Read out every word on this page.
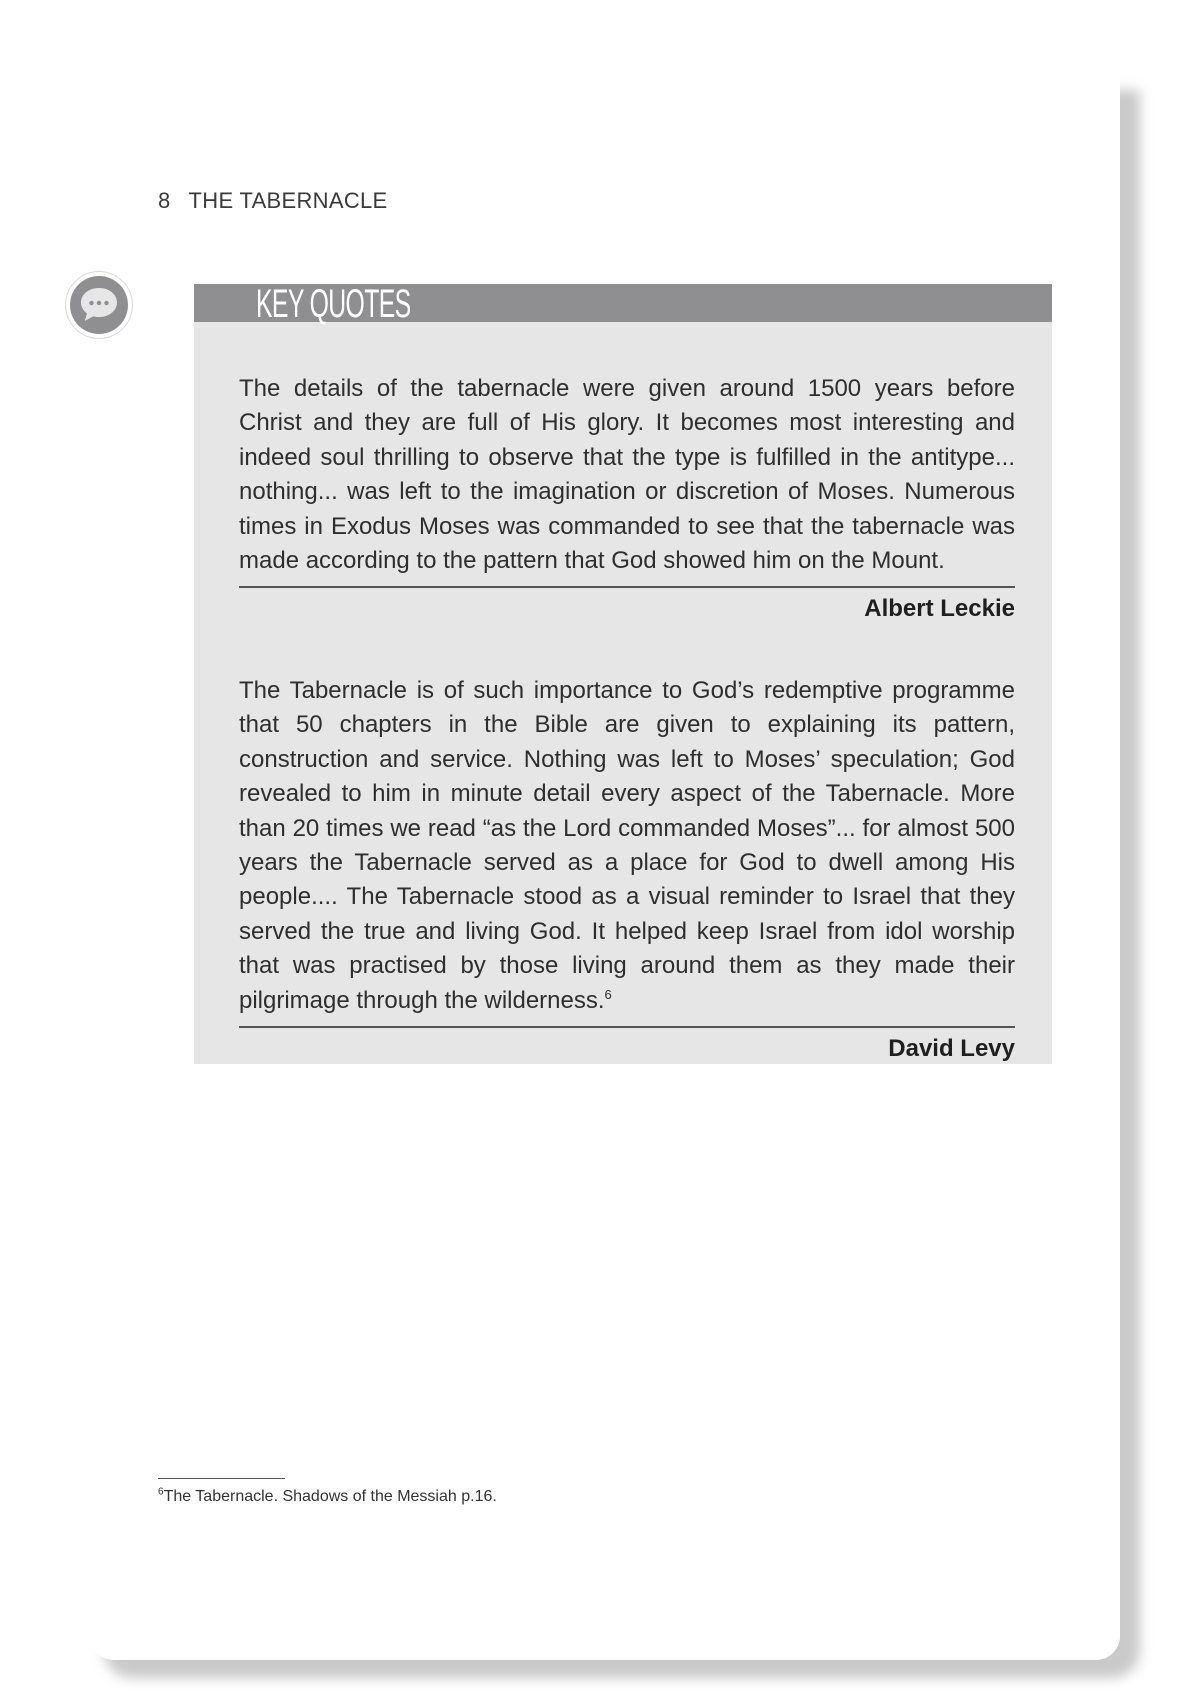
8 THE TABERNACLE
KEY QUOTES

The details of the tabernacle were given around 1500 years before Christ and they are full of His glory. It becomes most interesting and indeed soul thrilling to observe that the type is fulfilled in the antitype... nothing... was left to the imagination or discretion of Moses. Numerous times in Exodus Moses was commanded to see that the tabernacle was made according to the pattern that God showed him on the Mount.

Albert Leckie

The Tabernacle is of such importance to God’s redemptive programme that 50 chapters in the Bible are given to explaining its pattern, construction and service. Nothing was left to Moses’ speculation; God revealed to him in minute detail every aspect of the Tabernacle. More than 20 times we read “as the Lord commanded Moses”... for almost 500 years the Tabernacle served as a place for God to dwell among His people.... The Tabernacle stood as a visual reminder to Israel that they served the true and living God. It helped keep Israel from idol worship that was practised by those living around them as they made their pilgrimage through the wilderness.$^6$

David Levy
$^6$The Tabernacle. Shadows of the Messiah p.16.
